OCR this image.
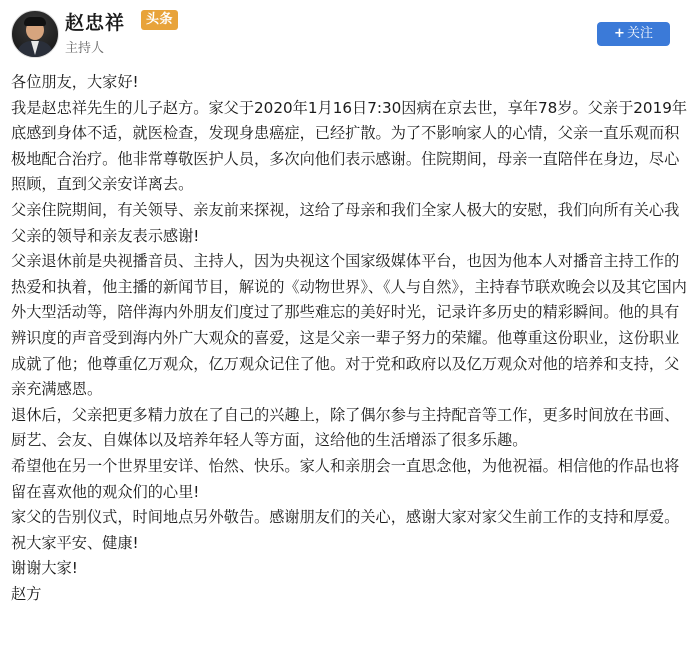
赵忠祥	头条
主持人
+ 关注

各位朋友，大家好!

我是赵忠祥先生的儿子赵方。家父于2020年1月16日7:30因病在京去世，享年78岁。父亲于2019年底感到身体不适，就医检查，发现身患癌症，已经扩散。为了不影响家人的心情，父亲一直乐观而积极地配合治疗。他非常尊敬医护人员，多次向他们表示感谢。住院期间，母亲一直陪伴在身边，尽心照顾，直到父亲安详离去。

父亲住院期间，有关领导、亲友前来探视，这给了母亲和我们全家人极大的安慰，我们向所有关心我父亲的领导和亲友表示感谢!

父亲退休前是央视播音员、主持人，因为央视这个国家级媒体平台，也因为他本人对播音主持工作的热爱和执着，他主播的新闻节目，解说的《动物世界》、《人与自然》，主持春节联欢晚会以及其它国内外大型活动等，陪伴海内外朋友们度过了那些难忘的美好时光，记录许多历史的精彩瞬间。他的具有辨识度的声音受到海内外广大观众的喜爱，这是父亲一辈子努力的荣耀。他尊重这份职业，这份职业成就了他；他尊重亿万观众，亿万观众记住了他。对于党和政府以及亿万观众对他的培养和支持，父亲充满感恩。

退休后，父亲把更多精力放在了自己的兴趣上，除了偶尔参与主持配音等工作，更多时间放在书画、厨艺、会友、自媒体以及培养年轻人等方面，这给他的生活增添了很多乐趣。

希望他在另一个世界里安详、怡然、快乐。家人和亲朋会一直思念他，为他祝福。相信他的作品也将留在喜欢他的观众们的心里!

家父的告别仪式，时间地点另外敬告。感谢朋友们的关心，感谢大家对家父生前工作的支持和厚爱。祝大家平安、健康!

谢谢大家!

赵方
